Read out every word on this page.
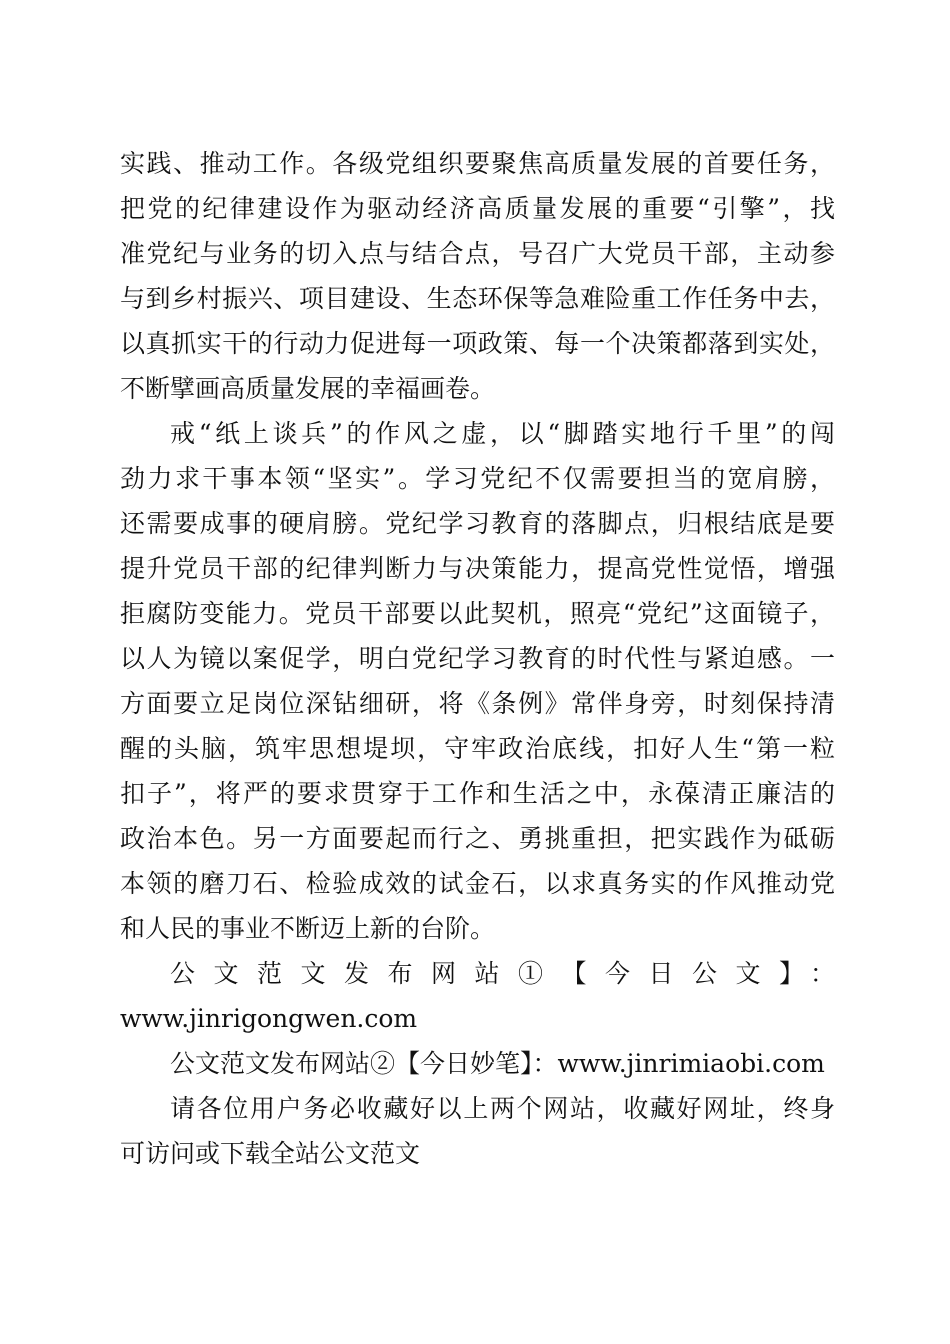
实践、推动工作。各级党组织要聚焦高质量发展的首要任务，
把党的纪律建设作为驱动经济高质量发展的重要“引擎”，找
准党纪与业务的切入点与结合点，号召广大党员干部，主动参
与到乡村振兴、项目建设、生态环保等急难险重工作任务中去，
以真抓实干的行动力促进每一项政策、每一个决策都落到实处，
不断擘画高质量发展的幸福画卷。
戒“纸上谈兵”的作风之虚，以“脚踏实地行千里”的闯
劲力求干事本领“坚实”。学习党纪不仅需要担当的宽肩膀，
还需要成事的硬肩膀。党纪学习教育的落脚点，归根结底是要
提升党员干部的纪律判断力与决策能力，提高党性觉悟，增强
拒腐防变能力。党员干部要以此契机，照亮“党纪”这面镜子，
以人为镜以案促学，明白党纪学习教育的时代性与紧迫感。一
方面要立足岗位深钻细研，将《条例》常伴身旁，时刻保持清
醒的头脑，筑牢思想堤坝，守牢政治底线，扣好人生“第一粒
扣子”，将严的要求贯穿于工作和生活之中，永葆清正廉洁的
政治本色。另一方面要起而行之、勇挑重担，把实践作为砥砺
本领的磨刀石、检验成效的试金石，以求真务实的作风推动党
和人民的事业不断迈上新的台阶。
公文范文发布网站①【今日公文】：
www.jinrigongwen.com
公文范文发布网站②【今日妙笔】：www.jinrimiaobi.com
请各位用户务必收藏好以上两个网站，收藏好网址，终身
可访问或下载全站公文范文
